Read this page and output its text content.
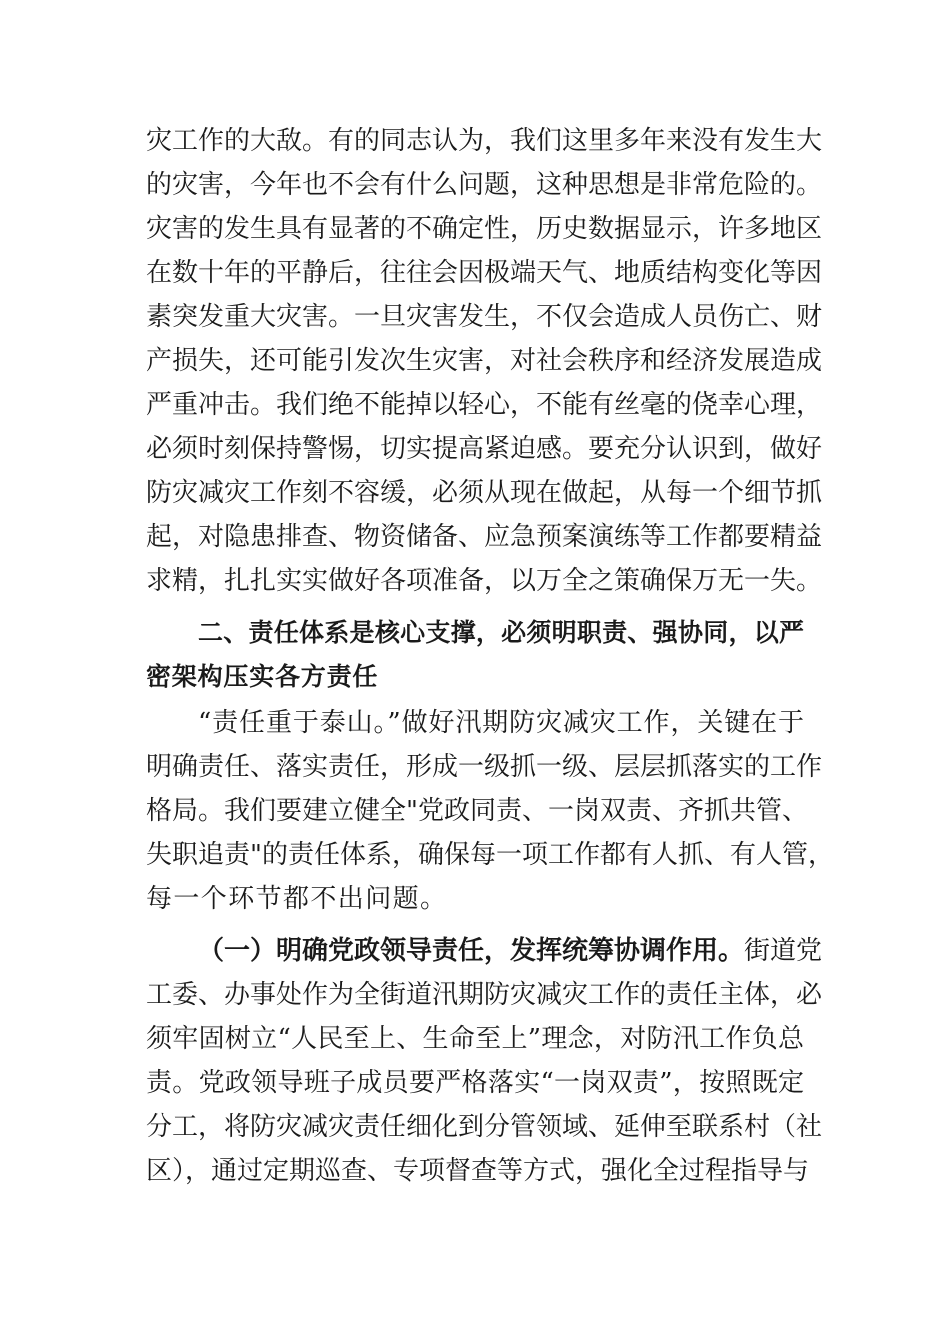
灾工作的大敌。有的同志认为，我们这里多年来没有发生大
的灾害，今年也不会有什么问题，这种思想是非常危险的。
灾害的发生具有显著的不确定性，历史数据显示，许多地区
在数十年的平静后，往往会因极端天气、地质结构变化等因
素突发重大灾害。一旦灾害发生，不仅会造成人员伤亡、财
产损失，还可能引发次生灾害，对社会秩序和经济发展造成
严重冲击。我们绝不能掉以轻心，不能有丝毫的侥幸心理，
必须时刻保持警惕，切实提高紧迫感。要充分认识到，做好
防灾减灾工作刻不容缓，必须从现在做起，从每一个细节抓
起，对隐患排查、物资储备、应急预案演练等工作都要精益
求精，扎扎实实做好各项准备，以万全之策确保万无一失。
二、责任体系是核心支撑，必须明职责、强协同，以严
密架构压实各方责任
“责任重于泰山。”做好汛期防灾减灾工作，关键在于
明确责任、落实责任，形成一级抓一级、层层抓落实的工作
格局。我们要建立健全"党政同责、一岗双责、齐抓共管、
失职追责"的责任体系，确保每一项工作都有人抓、有人管，
每一个环节都不出问题。
（一）明确党政领导责任，发挥统筹协调作用。街道党
工委、办事处作为全街道汛期防灾减灾工作的责任主体，必
须牢固树立“人民至上、生命至上”理念，对防汛工作负总
责。党政领导班子成员要严格落实“一岗双责”，按照既定
分工，将防灾减灾责任细化到分管领域、延伸至联系村（社
区），通过定期巡查、专项督查等方式，强化全过程指导与
